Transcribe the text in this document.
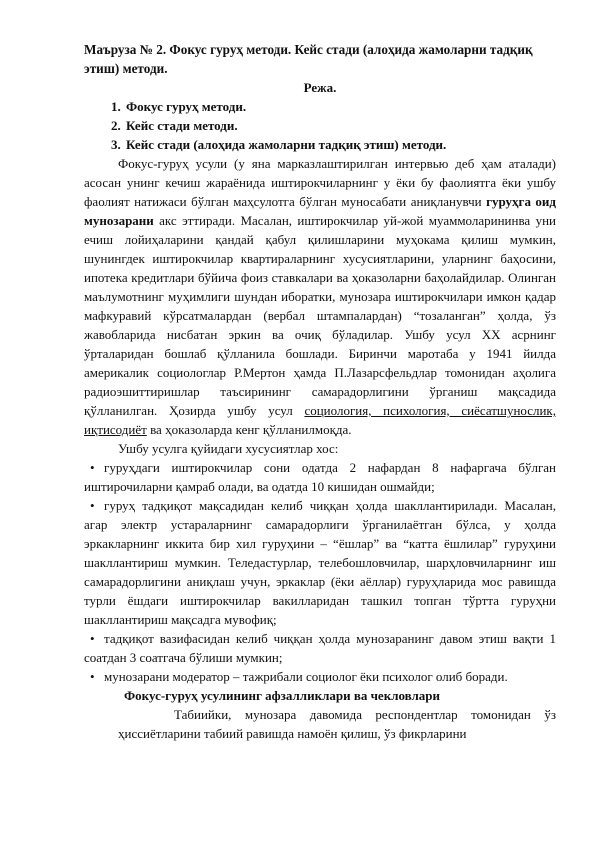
Маъруза № 2. Фокус гуруҳ методи. Кейс стади (алоҳида жамоларни тадқиқ этиш) методи.

Режа.

1. Фокус гуруҳ методи.
2. Кейс стади методи.
3. Кейс стади (алоҳида жамоларни тадқиқ этиш) методи.

Фокус-гуруҳ усули (у яна марказлаштирилган интервью деб ҳам аталади) асосан унинг кечиш жараёнида иштирокчиларнинг у ёки бу фаолиятга ёки ушбу фаолият натижаси бўлган маҳсулотга бўлган муносабати аниқланувчи гуруҳга оид мунозарани акс эттиради. Масалан, иштирокчилар уй-жой муаммоларининва уни ечиш лойиҳаларини қандай қабул қилишларини муҳокама қилиш мумкин, шунингдек иштирокчилар квартираларнинг хусусиятларини, уларнинг баҳосини, ипотека кредитлари бўйича фоиз ставкалари ва ҳоказоларни баҳолайдилар. Олинган маълумотнинг муҳимлиги шундан иборатки, мунозара иштирокчилари имкон қадар мафкуравий кўрсатмалардан (вербал штампалардан) “тозаланган” ҳолда, ўз жавобларида нисбатан эркин ва очиқ бўладилар. Ушбу усул XX асрнинг ўрталаридан бошлаб қўлланила бошлади. Биринчи маротаба у 1941 йилда америкалик социологлар Р.Мертон ҳамда П.Лазарсфельдлар томонидан аҳолига радиоэшиттиришлар таъсирининг самарадорлигини ўрганиш мақсадида қўлланилган. Ҳозирда ушбу усул социология, психология, сиёсатшунослик, иқтисодиёт ва ҳоказоларда кенг қўлланилмоқда.

Ушбу усулга қуйидаги хусусиятлар хос:

• гуруҳдаги иштирокчилар сони одатда 2 нафардан 8 нафаргача бўлган иштирочиларни қамраб олади, ва одатда 10 кишидан ошмайди;
• гуруҳ тадқиқот мақсадидан келиб чиққан ҳолда шакллантирилади. Масалан, агар электр устараларнинг самарадорлиги ўрганилаётган бўлса, у ҳолда эркакларнинг иккита бир хил гуруҳини – “ёшлар” ва “катта ёшлилар” гуруҳини шакллантириш мумкин. Теледастурлар, телебошловчилар, шарҳловчиларнинг иш самарадорлигини аниқлаш учун, эркаклар (ёки аёллар) гуруҳларида мос равишда турли ёшдаги иштирокчилар вакилларидан ташкил топган тўртта гуруҳни шакллантириш мақсадга мувофиқ;
• тадқиқот вазифасидан келиб чиққан ҳолда мунозаранинг давом этиш вақти 1 соатдан 3 соатгача бўлиши мумкин;
• мунозарани модератор – тажрибали социолог ёки психолог олиб боради.

Фокус-гуруҳ усулининг афзалликлари ва чекловлари

Табиийки, мунозара давомида респондентлар томонидан ўз ҳиссиётларини табиий равишда намоён қилиш, ўз фикрларини
